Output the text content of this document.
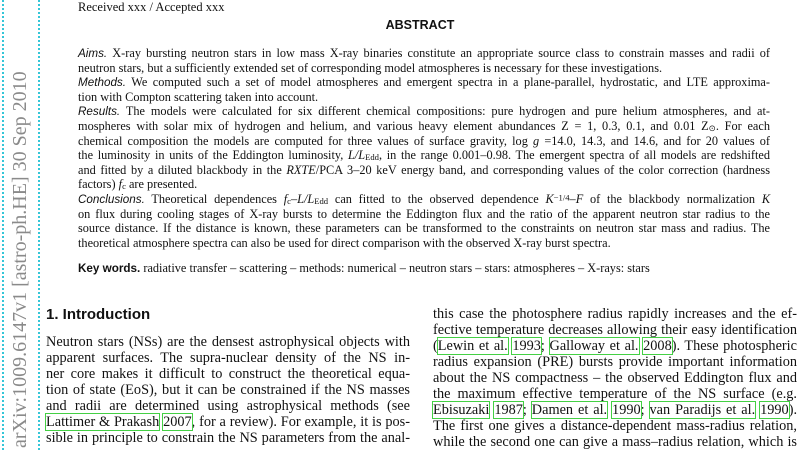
arXiv:1009.6147v1 [astro-ph.HE] 30 Sep 2010
Received xxx / Accepted xxx
ABSTRACT
Aims. X-ray bursting neutron stars in low mass X-ray binaries constitute an appropriate source class to constrain masses and radii of
neutron stars, but a sufficiently extended set of corresponding model atmospheres is necessary for these investigations.
Methods. We computed such a set of model atmospheres and emergent spectra in a plane-parallel, hydrostatic, and LTE approxima-
tion with Compton scattering taken into account.
Results. The models were calculated for six different chemical compositions: pure hydrogen and pure helium atmospheres, and at-
mospheres with solar mix of hydrogen and helium, and various heavy element abundances Z = 1, 0.3, 0.1, and 0.01 Z⊙. For each
chemical composition the models are computed for three values of surface gravity, log g =14.0, 14.3, and 14.6, and for 20 values of
the luminosity in units of the Eddington luminosity, L/LEdd, in the range 0.001–0.98. The emergent spectra of all models are redshifted
and fitted by a diluted blackbody in the RXTE/PCA 3–20 keV energy band, and corresponding values of the color correction (hardness
factors) fc are presented.
Conclusions. Theoretical dependences fc–L/LEdd can fitted to the observed dependence $K^{-1/4}-F$ of the blackbody normalization K
on flux during cooling stages of X-ray bursts to determine the Eddington flux and the ratio of the apparent neutron star radius to the
source distance. If the distance is known, these parameters can be transformed to the constraints on neutron star mass and radius. The
theoretical atmosphere spectra can also be used for direct comparison with the observed X-ray burst spectra.
Key words. radiative transfer – scattering – methods: numerical – neutron stars – stars: atmospheres – X-rays: stars
1. Introduction
Neutron stars (NSs) are the densest astrophysical objects with
apparent surfaces. The supra-nuclear density of the NS in-
ner core makes it difficult to construct the theoretical equa-
tion of state (EoS), but it can be constrained if the NS masses
and radii are determined using astrophysical methods (see
Lattimer & Prakash 2007, for a review). For example, it is pos-
sible in principle to constrain the NS parameters from the anal-
this case the photosphere radius rapidly increases and the ef-
fective temperature decreases allowing their easy identification
(Lewin et al. 1993; Galloway et al. 2008). These photospheric
radius expansion (PRE) bursts provide important information
about the NS compactness – the observed Eddington flux and
the maximum effective temperature of the NS surface (e.g.
Ebisuzaki 1987; Damen et al. 1990; van Paradijs et al. 1990).
The first one gives a distance-dependent mass-radius relation,
while the second one can give a mass–radius relation, which is
